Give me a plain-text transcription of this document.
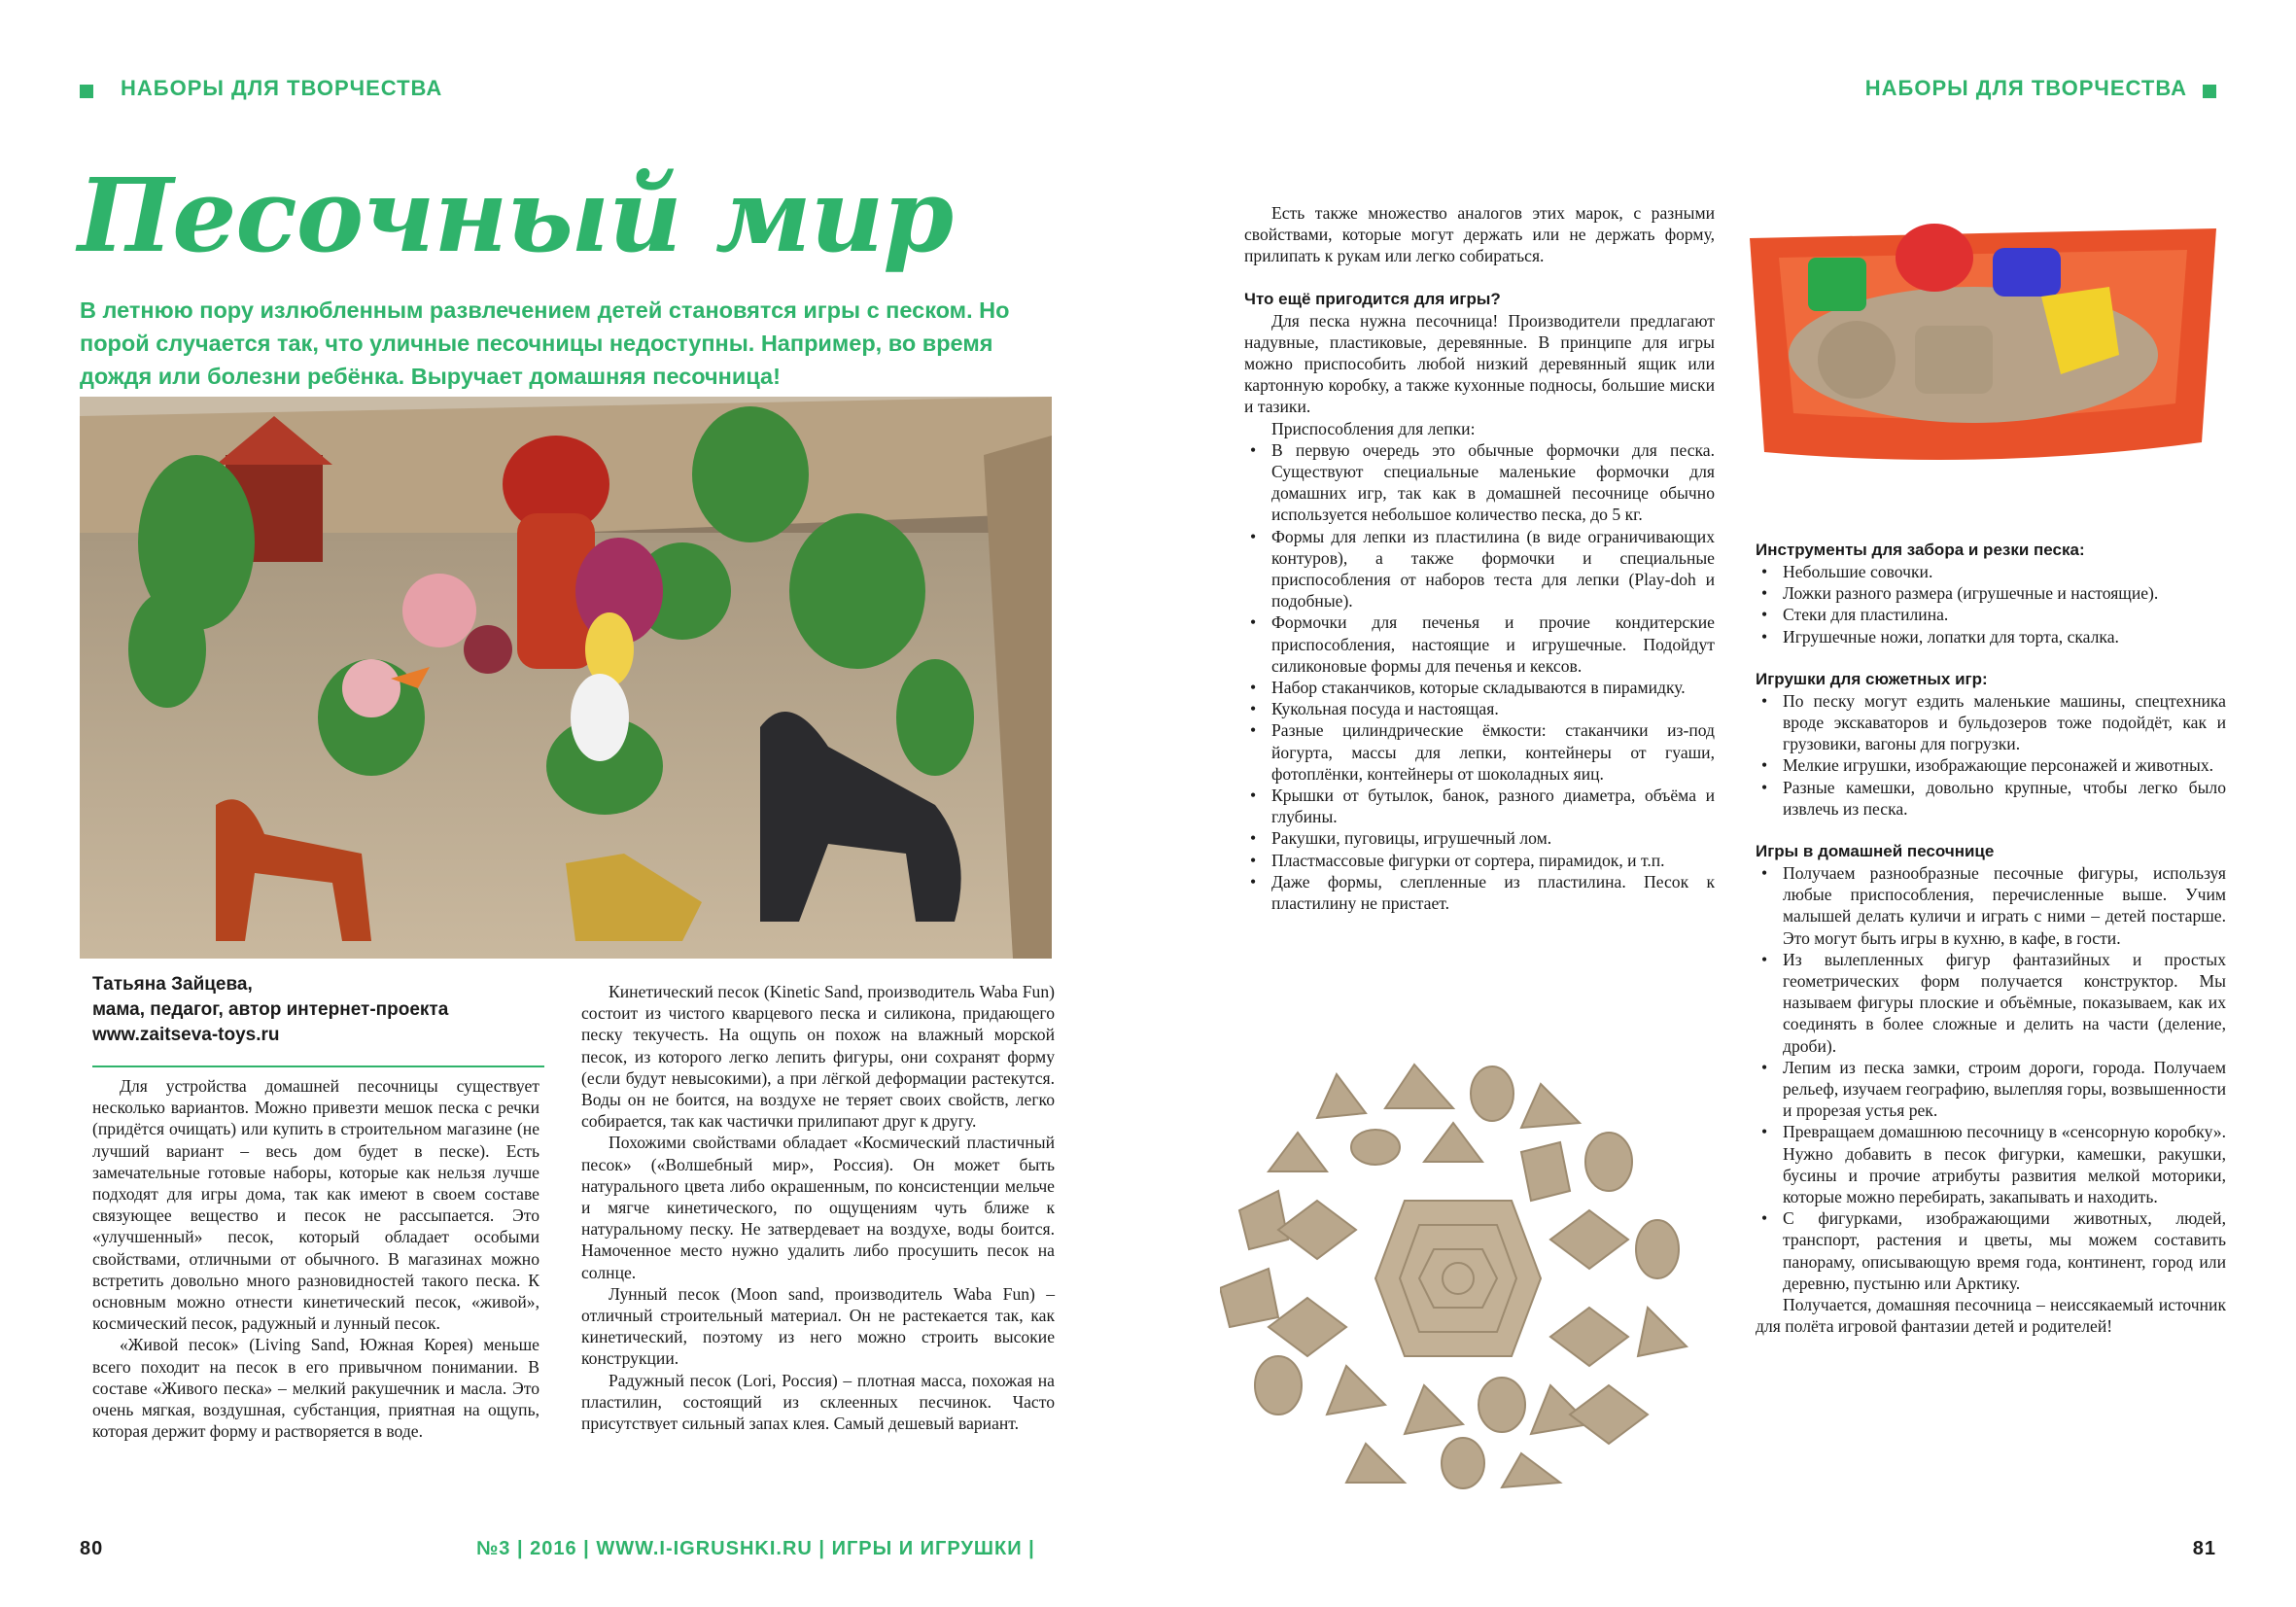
НАБОРЫ ДЛЯ ТВОРЧЕСТВА	НАБОРЫ ДЛЯ ТВОРЧЕСТВА
Песочный мир
В летнюю пору излюбленным развлечением детей становятся игры с песком. Но порой случается так, что уличные песочницы недоступны. Например, во время дождя или болезни ребёнка. Выручает домашняя песочница!
Татьяна Зайцева,
мама, педагог, автор интернет-проекта
www.zaitseva-toys.ru

Для устройства домашней песочницы существует несколько вариантов. Можно привезти мешок песка с речки (придётся очищать) или купить в строительном магазине (не лучший вариант – весь дом будет в песке). Есть замечательные готовые наборы, которые как нельзя лучше подходят для игры дома, так как имеют в своем составе связующее вещество и песок не рассыпается. Это «улучшенный» песок, который обладает особыми свойствами, отличными от обычного. В магазинах можно встретить довольно много разновидностей такого песка. К основным можно отнести кинетический песок, «живой», космический песок, радужный и лунный песок.

«Живой песок» (Living Sand, Южная Корея) меньше всего походит на песок в его привычном понимании. В составе «Живого песка» – мелкий ракушечник и масла. Это очень мягкая, воздушная, субстанция, приятная на ощупь, которая держит форму и растворяется в воде.

Кинетический песок (Kinetic Sand, производитель Waba Fun) состоит из чистого кварцевого песка и силикона, придающего песку текучесть. На ощупь он похож на влажный морской песок, из которого легко лепить фигуры, они сохранят форму (если будут невысокими), а при лёгкой деформации растекутся. Воды он не боится, на воздухе не теряет своих свойств, легко собирается, так как частички прилипают друг к другу.

Похожими свойствами обладает «Космический пластичный песок» («Волшебный мир», Россия). Он может быть натурального цвета либо окрашенным, по консистенции мельче и мягче кинетического, по ощущениям чуть ближе к натуральному песку. Не затвердевает на воздухе, воды боится. Намоченное место нужно удалить либо просушить песок на солнце.

Лунный песок (Moon sand, производитель Waba Fun) – отличный строительный материал. Он не растекается так, как кинетический, поэтому из него можно строить высокие конструкции.

Радужный песок (Lori, Россия) – плотная масса, похожая на пластилин, состоящий из склеенных песчинок. Часто присутствует сильный запах клея. Самый дешевый вариант.

Есть также множество аналогов этих марок, с разными свойствами, которые могут держать или не держать форму, прилипать к рукам или легко собираться.

Что ещё пригодится для игры?

Для песка нужна песочница! Производители предлагают надувные, пластиковые, деревянные. В принципе для игры можно приспособить любой низкий деревянный ящик или картонную коробку, а также кухонные подносы, большие миски и тазики.

Приспособления для лепки:

• В первую очередь это обычные формочки для песка. Существуют специальные маленькие формочки для домашних игр, так как в домашней песочнице обычно используется небольшое количество песка, до 5 кг.
• Формы для лепки из пластилина (в виде ограничивающих контуров), а также формочки и специальные приспособления от наборов теста для лепки (Play-doh и подобные).
• Формочки для печенья и прочие кондитерские приспособления, настоящие и игрушечные. Подойдут силиконовые формы для печенья и кексов.
• Набор стаканчиков, которые складываются в пирамидку.
• Кукольная посуда и настоящая.
• Разные цилиндрические ёмкости: стаканчики из-под йогурта, массы для лепки, контейнеры от гуаши, фотоплёнки, контейнеры от шоколадных яиц.
• Крышки от бутылок, банок, разного диаметра, объёма и глубины.
• Ракушки, пуговицы, игрушечный лом.
• Пластмассовые фигурки от сортера, пирамидок, и т.п.
• Даже формы, слепленные из пластилина. Песок к пластилину не пристает.
Инструменты для забора и резки песка:
• Небольшие совочки.
• Ложки разного размера (игрушечные и настоящие).
• Стеки для пластилина.
• Игрушечные ножи, лопатки для торта, скалка.
Игрушки для сюжетных игр:
• По песку могут ездить маленькие машины, спецтехника вроде экскаваторов и бульдозеров тоже подойдёт, как и грузовики, вагоны для погрузки.
• Мелкие игрушки, изображающие персонажей и животных.
• Разные камешки, довольно крупные, чтобы легко было извлечь из песка.
Игры в домашней песочнице
• Получаем разнообразные песочные фигуры, используя любые приспособления, перечисленные выше. Учим малышей делать куличи и играть с ними – детей постарше. Это могут быть игры в кухню, в кафе, в гости.
• Из вылепленных фигур фантазийных и простых геометрических форм получается конструктор. Мы называем фигуры плоские и объёмные, показываем, как их соединять в более сложные и делить на части (деление, дроби).
• Лепим из песка замки, строим дороги, города. Получаем рельеф, изучаем географию, вылепляя горы, возвышенности и прорезая устья рек.
• Превращаем домашнюю песочницу в «сенсорную коробку». Нужно добавить в песок фигурки, камешки, ракушки, бусины и прочие атрибуты развития мелкой моторики, которые можно перебирать, закапывать и находить.
• С фигурками, изображающими животных, людей, транспорт, растения и цветы, мы можем составить панораму, описывающую время года, континент, город или деревню, пустыню или Арктику.

Получается, домашняя песочница – неиссякаемый источник для полёта игровой фантазии детей и родителей!

80	№3 | 2016 | WWW.I-IGRUSHKI.RU | ИГРЫ И ИГРУШКИ |	81
